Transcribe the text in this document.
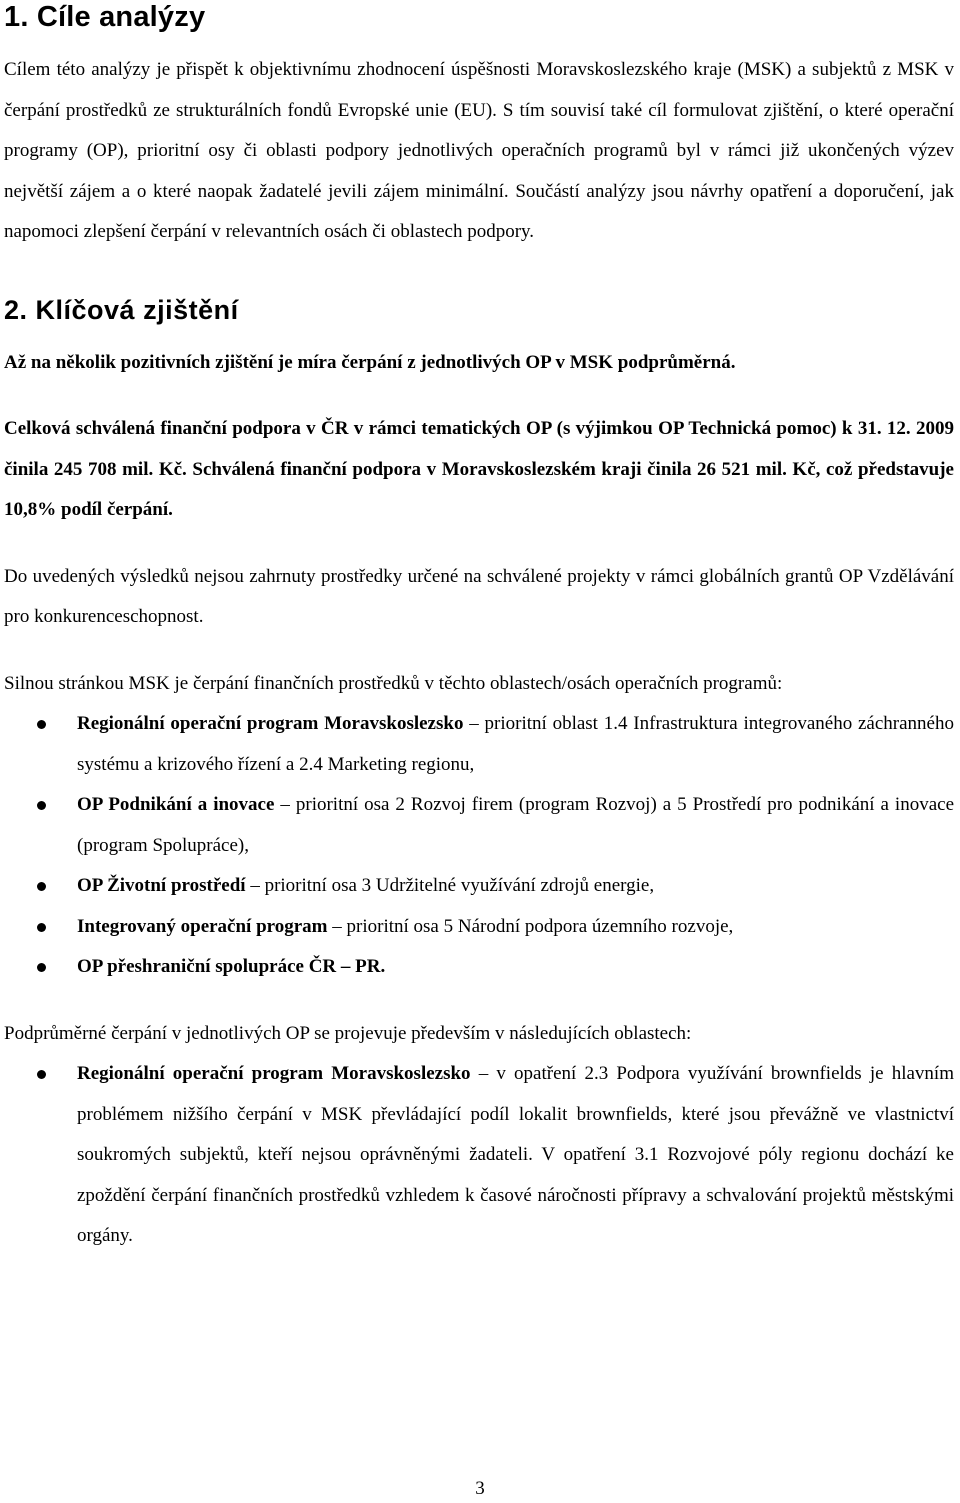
1. Cíle analýzy

Cílem této analýzy je přispět k objektivnímu zhodnocení úspěšnosti Moravskoslezského kraje (MSK) a subjektů z MSK v čerpání prostředků ze strukturálních fondů Evropské unie (EU). S tím souvisí také cíl formulovat zjištění, o které operační programy (OP), prioritní osy či oblasti podpory jednotlivých operačních programů byl v rámci již ukončených výzev největší zájem a o které naopak žadatelé jevili zájem minimální. Součástí analýzy jsou návrhy opatření a doporučení, jak napomoci zlepšení čerpání v relevantních osách či oblastech podpory.

2. Klíčová zjištění

Až na několik pozitivních zjištění je míra čerpání z jednotlivých OP v MSK podprůměrná.

Celková schválená finanční podpora v ČR v rámci tematických OP (s výjimkou OP Technická pomoc) k 31. 12. 2009 činila 245 708 mil. Kč. Schválená finanční podpora v Moravskoslezském kraji činila 26 521 mil. Kč, což představuje 10,8% podíl čerpání.

Do uvedených výsledků nejsou zahrnuty prostředky určené na schválené projekty v rámci globálních grantů OP Vzdělávání pro konkurenceschopnost.

Silnou stránkou MSK je čerpání finančních prostředků v těchto oblastech/osách operačních programů:

Regionální operační program Moravskoslezsko – prioritní oblast 1.4 Infrastruktura integrovaného záchranného systému a krizového řízení a 2.4 Marketing regionu,
OP Podnikání a inovace – prioritní osa 2 Rozvoj firem (program Rozvoj) a 5 Prostředí pro podnikání a inovace (program Spolupráce),
OP Životní prostředí – prioritní osa 3 Udržitelné využívání zdrojů energie,
Integrovaný operační program – prioritní osa 5 Národní podpora územního rozvoje,
OP přeshraniční spolupráce ČR – PR.

Podprůměrné čerpání v jednotlivých OP se projevuje především v následujících oblastech:

Regionální operační program Moravskoslezsko – v opatření 2.3 Podpora využívání brownfields je hlavním problémem nižšího čerpání v MSK převládající podíl lokalit brownfields, které jsou převážně ve vlastnictví soukromých subjektů, kteří nejsou oprávněnými žadateli. V opatření 3.1 Rozvojové póly regionu dochází ke zpoždění čerpání finančních prostředků vzhledem k časové náročnosti přípravy a schvalování projektů městskými orgány.
3
